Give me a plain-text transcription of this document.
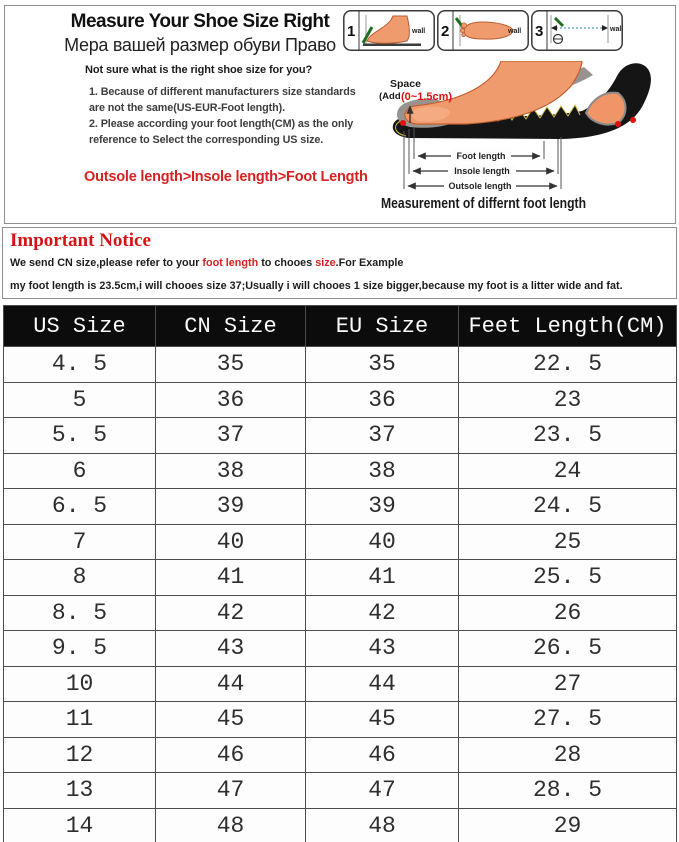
Measure Your Shoe Size Right
Мера вашей размер обуви Право
Not sure what is the right shoe size for you?
1. Because of different manufacturers size standards
are not the same(US-EUR-Foot length).
2. Please according your foot length(CM) as the only
reference to Select the corresponding US size.
Outsole length>Insole length>Foot Length
1	wall 2	wall 3	wall
Space
(Add (0~1.5cm)
Foot length
Insole length
Outsole length
Measurement of differnt foot length
Important Notice
We send CN size,please refer to your foot length to chooes size.For Example
my foot length is 23.5cm,i will chooes size 37;Usually i will chooes 1 size bigger,because my foot is a litter wide and fat.
US Size	CN Size	EU Size	Feet Length(CM)
4. 5	35	35	22. 5
5	36	36	23
5. 5	37	37	23. 5
6	38	38	24
6. 5	39	39	24. 5
7	40	40	25
8	41	41	25. 5
8. 5	42	42	26
9. 5	43	43	26. 5
10	44	44	27
11	45	45	27. 5
12	46	46	28
13	47	47	28. 5
14	48	48	29
